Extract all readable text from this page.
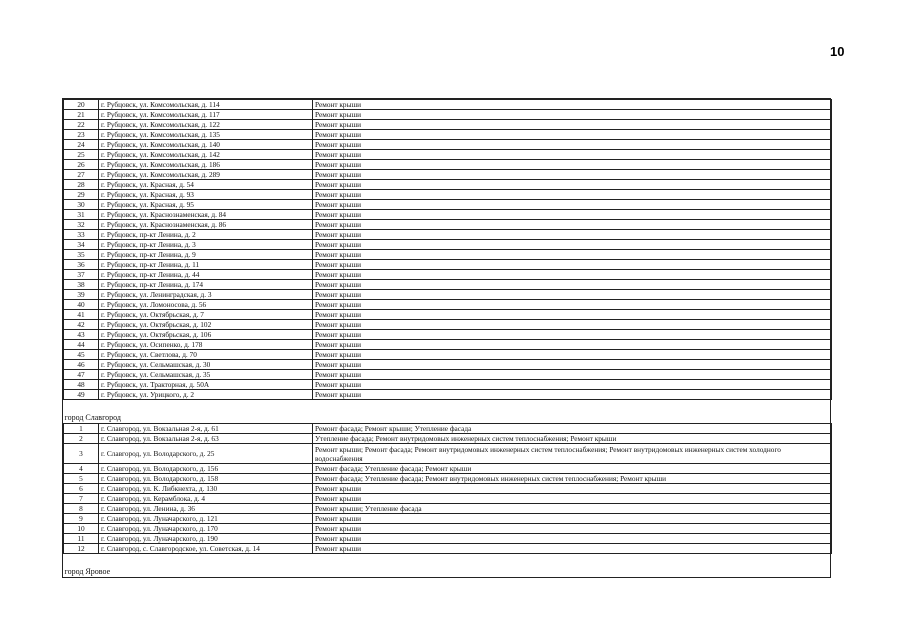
10
20	г. Рубцовск, ул. Комсомольская, д. 114	Ремонт крыши
21	г. Рубцовск, ул. Комсомольская, д. 117	Ремонт крыши
22	г. Рубцовск, ул. Комсомольская, д. 122	Ремонт крыши
23	г. Рубцовск, ул. Комсомольская, д. 135	Ремонт крыши
24	г. Рубцовск, ул. Комсомольская, д. 140	Ремонт крыши
25	г. Рубцовск, ул. Комсомольская, д. 142	Ремонт крыши
26	г. Рубцовск, ул. Комсомольская, д. 186	Ремонт крыши
27	г. Рубцовск, ул. Комсомольская, д. 289	Ремонт крыши
28	г. Рубцовск, ул. Красная, д. 54	Ремонт крыши
29	г. Рубцовск, ул. Красная, д. 93	Ремонт крыши
30	г. Рубцовск, ул. Красная, д. 95	Ремонт крыши
31	г. Рубцовск, ул. Краснознаменская, д. 84	Ремонт крыши
32	г. Рубцовск, ул. Краснознаменская, д. 86	Ремонт крыши
33	г. Рубцовск, пр-кт Ленина, д. 2	Ремонт крыши
34	г. Рубцовск, пр-кт Ленина, д. 3	Ремонт крыши
35	г. Рубцовск, пр-кт Ленина, д. 9	Ремонт крыши
36	г. Рубцовск, пр-кт Ленина, д. 11	Ремонт крыши
37	г. Рубцовск, пр-кт Ленина, д. 44	Ремонт крыши
38	г. Рубцовск, пр-кт Ленина, д. 174	Ремонт крыши
39	г. Рубцовск, ул. Ленинградская, д. 3	Ремонт крыши
40	г. Рубцовск, ул. Ломоносова, д. 56	Ремонт крыши
41	г. Рубцовск, ул. Октябрьская, д. 7	Ремонт крыши
42	г. Рубцовск, ул. Октябрьская, д. 102	Ремонт крыши
43	г. Рубцовск, ул. Октябрьская, д. 106	Ремонт крыши
44	г. Рубцовск, ул. Осипенко, д. 178	Ремонт крыши
45	г. Рубцовск, ул. Светлова, д. 70	Ремонт крыши
46	г. Рубцовск, ул. Сельмашская, д. 30	Ремонт крыши
47	г. Рубцовск, ул. Сельмашская, д. 35	Ремонт крыши
48	г. Рубцовск, ул. Тракторная, д. 50А	Ремонт крыши
49	г. Рубцовск, ул. Урицкого, д. 2	Ремонт крыши

город Славгород		
1	г. Славгород, ул. Вокзальная 2-я, д. 61	Ремонт фасада; Ремонт крыши; Утепление фасада
2	г. Славгород, ул. Вокзальная 2-я, д. 63	Утепление фасада; Ремонт внутридомовых инженерных систем теплоснабжения; Ремонт крыши
3	г. Славгород, ул. Володарского, д. 25	Ремонт крыши; Ремонт фасада; Ремонт внутридомовых инженерных систем теплоснабжения; Ремонт внутридомовых инженерных систем холодного водоснабжения
4	г. Славгород, ул. Володарского, д. 156	Ремонт фасада; Утепление фасада; Ремонт крыши
5	г. Славгород, ул. Володарского, д. 158	Ремонт фасада; Утепление фасада; Ремонт внутридомовых инженерных систем теплоснабжения; Ремонт крыши
6	г. Славгород, ул. К. Либкнехта, д. 130	Ремонт крыши
7	г. Славгород, ул. Керамблока, д. 4	Ремонт крыши
8	г. Славгород, ул. Ленина, д. 36	Ремонт крыши; Утепление фасада
9	г. Славгород, ул. Луначарского, д. 121	Ремонт крыши
10	г. Славгород, ул. Луначарского, д. 170	Ремонт крыши
11	г. Славгород, ул. Луначарского, д. 190	Ремонт крыши
12	г. Славгород, с. Славгородское, ул. Советская, д. 14	Ремонт крыши

город Яровое		
